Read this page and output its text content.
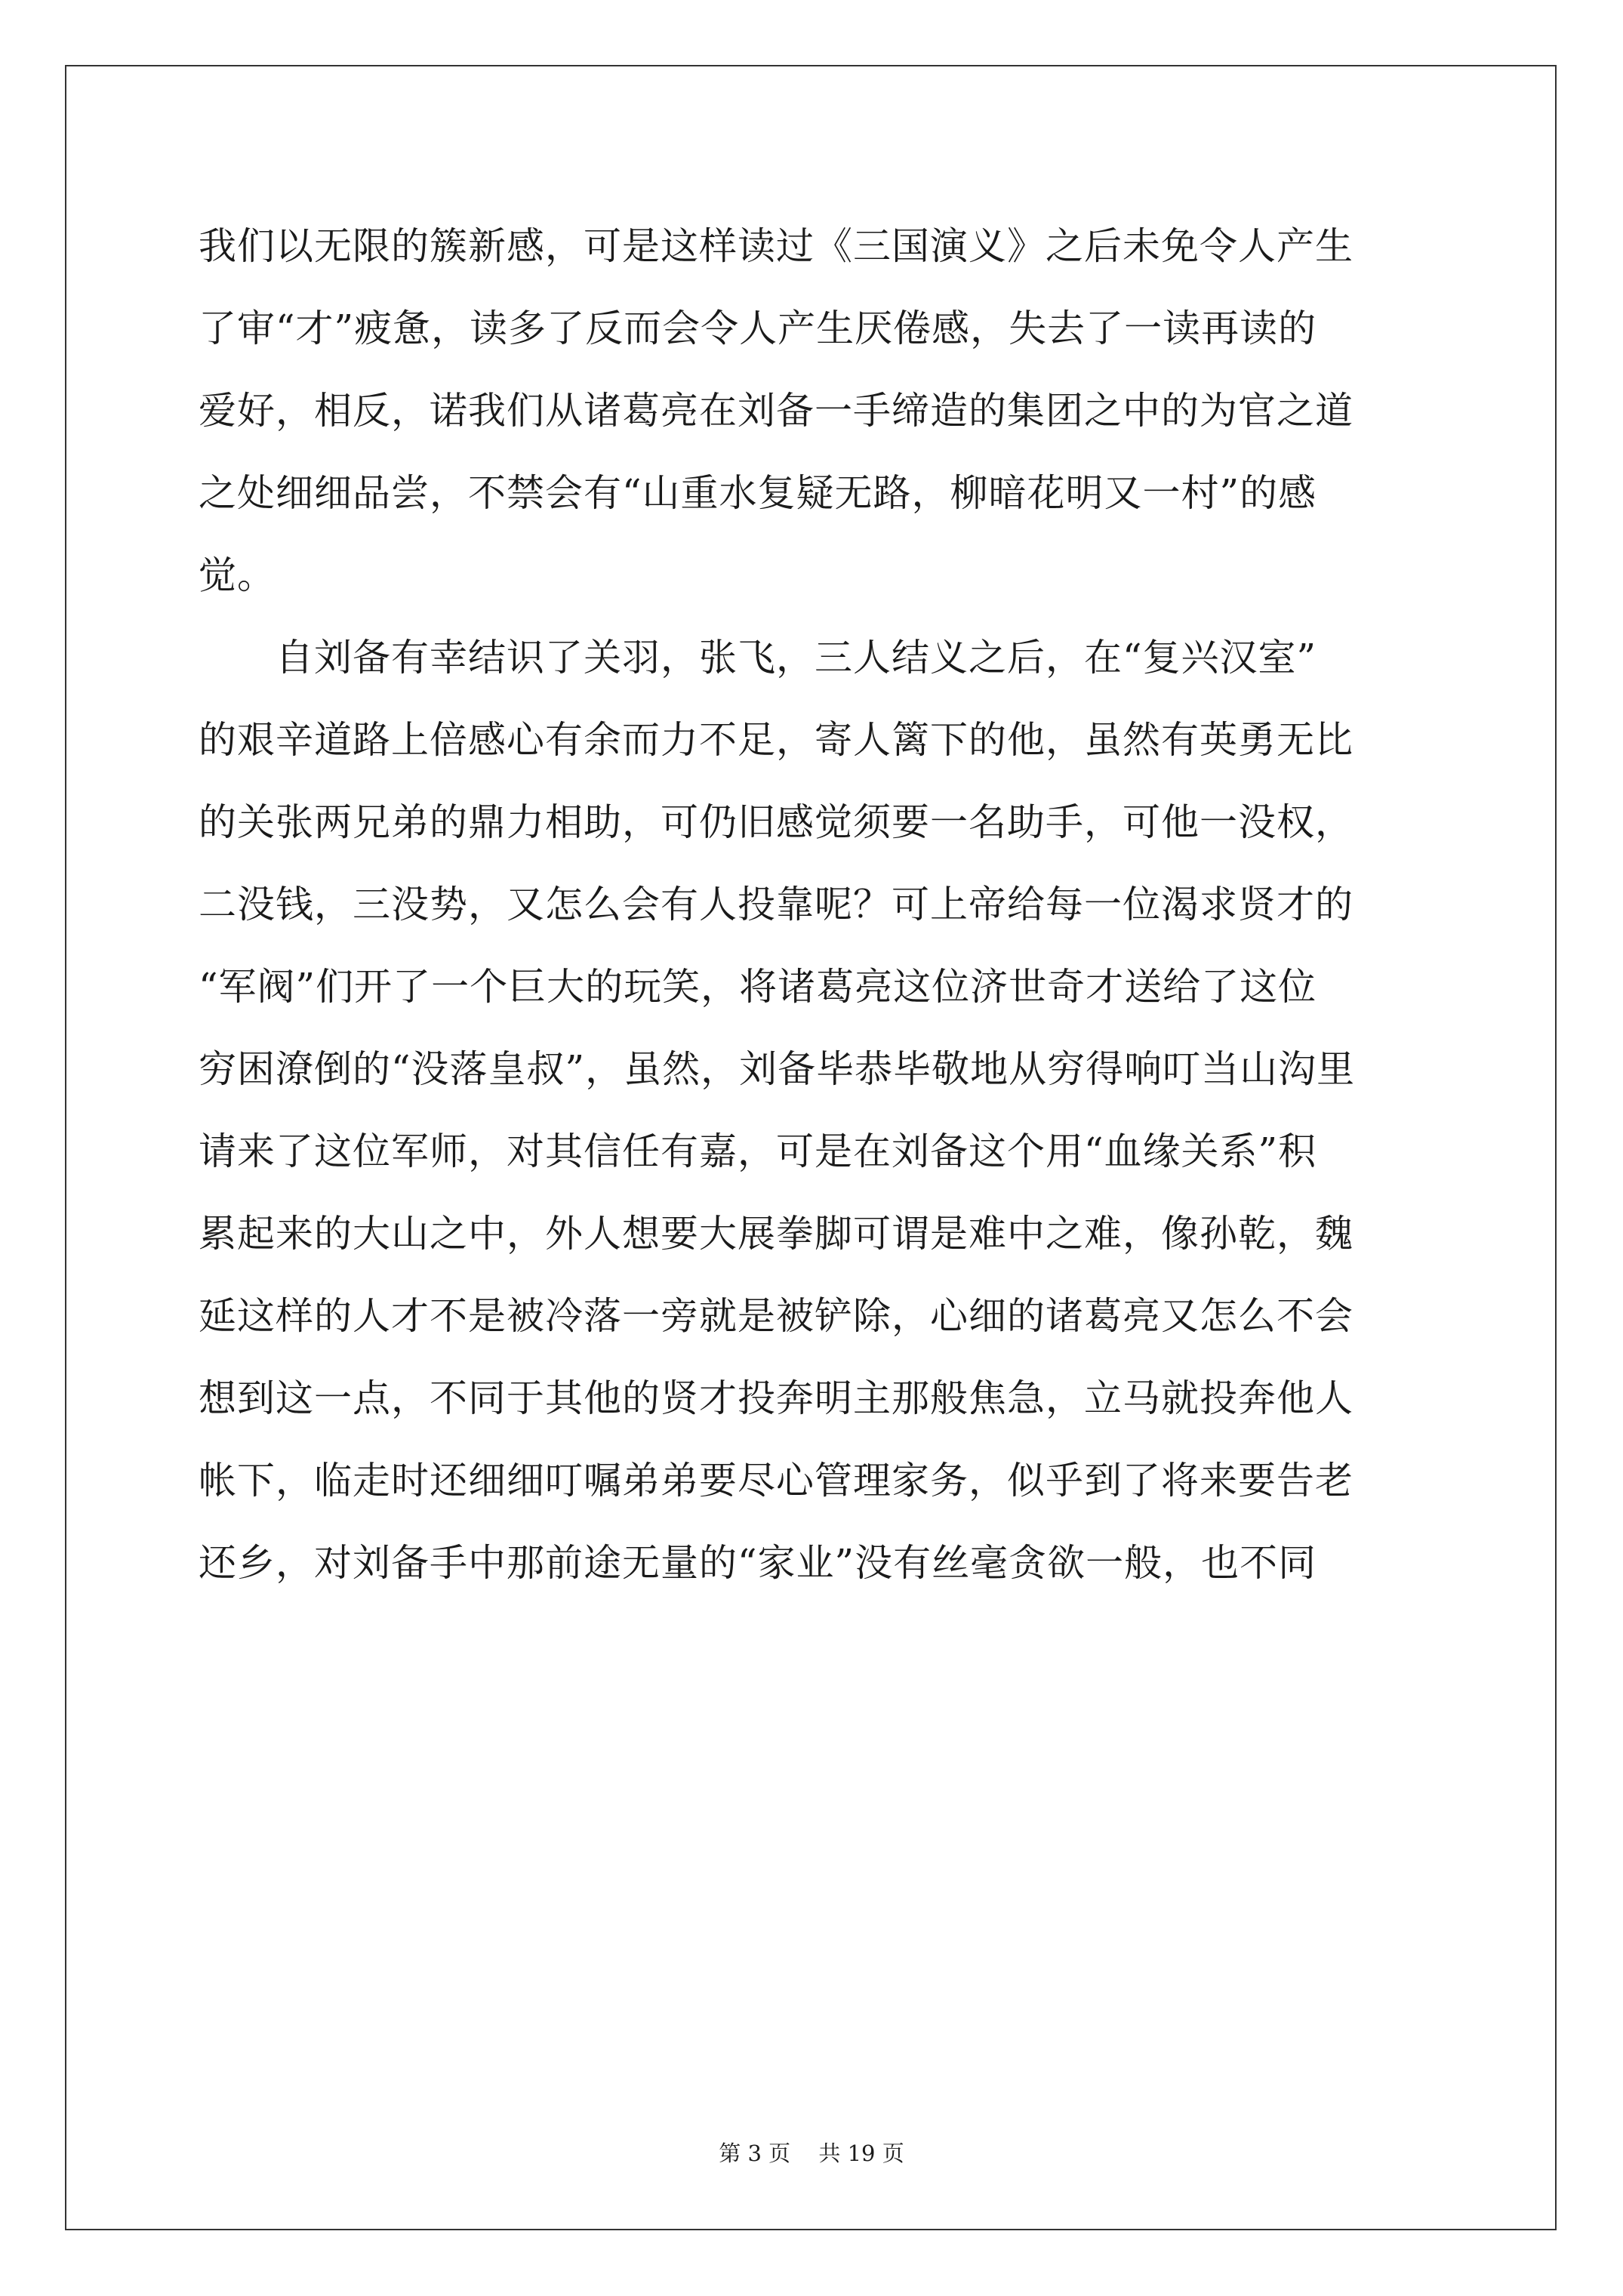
我们以无限的簇新感，可是这样读过《三国演义》之后未免令人产生
了审“才”疲惫，读多了反而会令人产生厌倦感，失去了一读再读的
爱好，相反，诺我们从诸葛亮在刘备一手缔造的集团之中的为官之道
之处细细品尝，不禁会有“山重水复疑无路，柳暗花明又一村”的感
觉。
　　自刘备有幸结识了关羽，张飞，三人结义之后，在“复兴汉室”
的艰辛道路上倍感心有余而力不足，寄人篱下的他，虽然有英勇无比
的关张两兄弟的鼎力相助，可仍旧感觉须要一名助手，可他一没权，
二没钱，三没势，又怎么会有人投靠呢？可上帝给每一位渴求贤才的
“军阀”们开了一个巨大的玩笑，将诸葛亮这位济世奇才送给了这位
穷困潦倒的“没落皇叔”，虽然，刘备毕恭毕敬地从穷得响叮当山沟里
请来了这位军师，对其信任有嘉，可是在刘备这个用“血缘关系”积
累起来的大山之中，外人想要大展拳脚可谓是难中之难，像孙乾，魏
延这样的人才不是被冷落一旁就是被铲除，心细的诸葛亮又怎么不会
想到这一点，不同于其他的贤才投奔明主那般焦急，立马就投奔他人
帐下，临走时还细细叮嘱弟弟要尽心管理家务，似乎到了将来要告老
还乡，对刘备手中那前途无量的“家业”没有丝毫贪欲一般，也不同
第 3 页 共 19 页
